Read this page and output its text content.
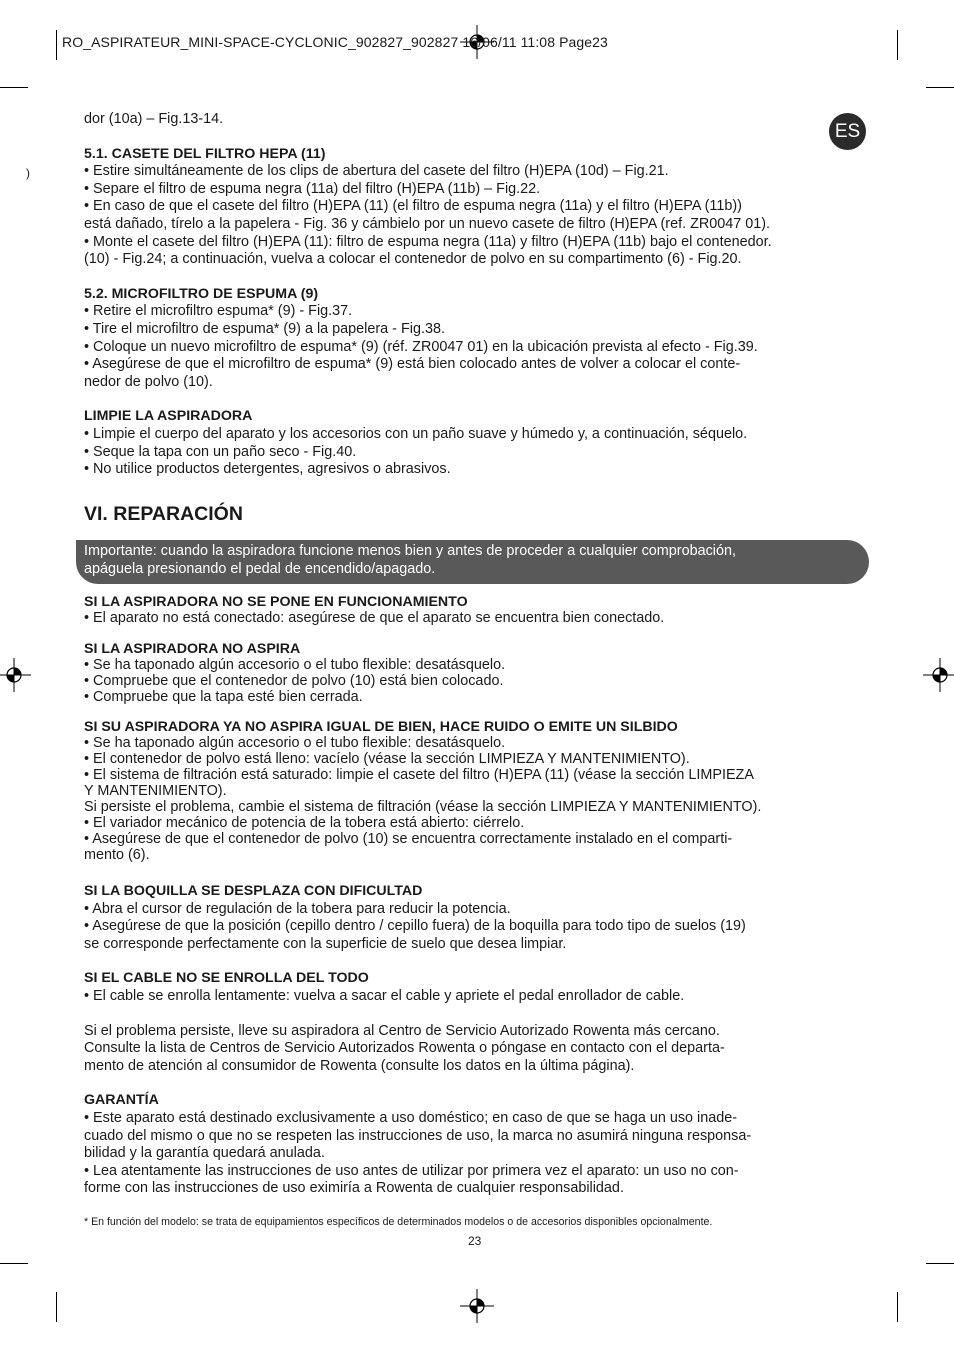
RO_ASPIRATEUR_MINI-SPACE-CYCLONIC_902827_902827 16/06/11 11:08 Page23
)
ES

dor (10a) – Fig.13-14.

5.1. CASETE DEL FILTRO HEPA (11)

• Estire simultáneamente de los clips de abertura del casete del filtro (H)EPA (10d) – Fig.21.

• Separe el filtro de espuma negra (11a) del filtro (H)EPA (11b) – Fig.22.

• En caso de que el casete del filtro (H)EPA (11) (el filtro de espuma negra (11a) y el filtro (H)EPA (11b))

está dañado, tírelo a la papelera - Fig. 36 y cámbielo por un nuevo casete de filtro (H)EPA (ref. ZR0047 01).

• Monte el casete del filtro (H)EPA (11): filtro de espuma negra (11a) y filtro (H)EPA (11b) bajo el contenedor.

(10) - Fig.24; a continuación, vuelva a colocar el contenedor de polvo en su compartimento (6) - Fig.20.

5.2. MICROFILTRO DE ESPUMA (9)

• Retire el microfiltro espuma* (9) - Fig.37.

• Tire el microfiltro de espuma* (9) a la papelera - Fig.38.

• Coloque un nuevo microfiltro de espuma* (9) (réf. ZR0047 01) en la ubicación prevista al efecto - Fig.39.

• Asegúrese de que el microfiltro de espuma* (9) está bien colocado antes de volver a colocar el conte-

nedor de polvo (10).

LIMPIE LA ASPIRADORA

• Limpie el cuerpo del aparato y los accesorios con un paño suave y húmedo y, a continuación, séquelo.

• Seque la tapa con un paño seco - Fig.40.

• No utilice productos detergentes, agresivos o abrasivos.

VI. REPARACIÓN

Importante: cuando la aspiradora funcione menos bien y antes de proceder a cualquier comprobación,

apáguela presionando el pedal de encendido/apagado.

SI LA ASPIRADORA NO SE PONE EN FUNCIONAMIENTO

• El aparato no está conectado: asegúrese de que el aparato se encuentra bien conectado.

SI LA ASPIRADORA NO ASPIRA

• Se ha taponado algún accesorio o el tubo flexible: desatásquelo.

• Compruebe que el contenedor de polvo (10) está bien colocado.

• Compruebe que la tapa esté bien cerrada.

SI SU ASPIRADORA YA NO ASPIRA IGUAL DE BIEN, HACE RUIDO O EMITE UN SILBIDO

• Se ha taponado algún accesorio o el tubo flexible: desatásquelo.

• El contenedor de polvo está lleno: vacíelo (véase la sección LIMPIEZA Y MANTENIMIENTO).

• El sistema de filtración está saturado: limpie el casete del filtro (H)EPA (11) (véase la sección LIMPIEZA

Y MANTENIMIENTO).

Si persiste el problema, cambie el sistema de filtración (véase la sección LIMPIEZA Y MANTENIMIENTO).

• El variador mecánico de potencia de la tobera está abierto: ciérrelo.

• Asegúrese de que el contenedor de polvo (10) se encuentra correctamente instalado en el comparti-

mento (6).

SI LA BOQUILLA SE DESPLAZA CON DIFICULTAD

• Abra el cursor de regulación de la tobera para reducir la potencia.

• Asegúrese de que la posición (cepillo dentro / cepillo fuera) de la boquilla para todo tipo de suelos (19)

se corresponde perfectamente con la superficie de suelo que desea limpiar.

SI EL CABLE NO SE ENROLLA DEL TODO

• El cable se enrolla lentamente: vuelva a sacar el cable y apriete el pedal enrollador de cable.

Si el problema persiste, lleve su aspiradora al Centro de Servicio Autorizado Rowenta más cercano.

Consulte la lista de Centros de Servicio Autorizados Rowenta o póngase en contacto con el departa-

mento de atención al consumidor de Rowenta (consulte los datos en la última página).

GARANTÍA

• Este aparato está destinado exclusivamente a uso doméstico; en caso de que se haga un uso inade-

cuado del mismo o que no se respeten las instrucciones de uso, la marca no asumirá ninguna responsa-

bilidad y la garantía quedará anulada.

• Lea atentamente las instrucciones de uso antes de utilizar por primera vez el aparato: un uso no con-

forme con las instrucciones de uso eximiría a Rowenta de cualquier responsabilidad.

* En función del modelo: se trata de equipamientos específicos de determinados modelos o de accesorios disponibles opcionalmente.
23
